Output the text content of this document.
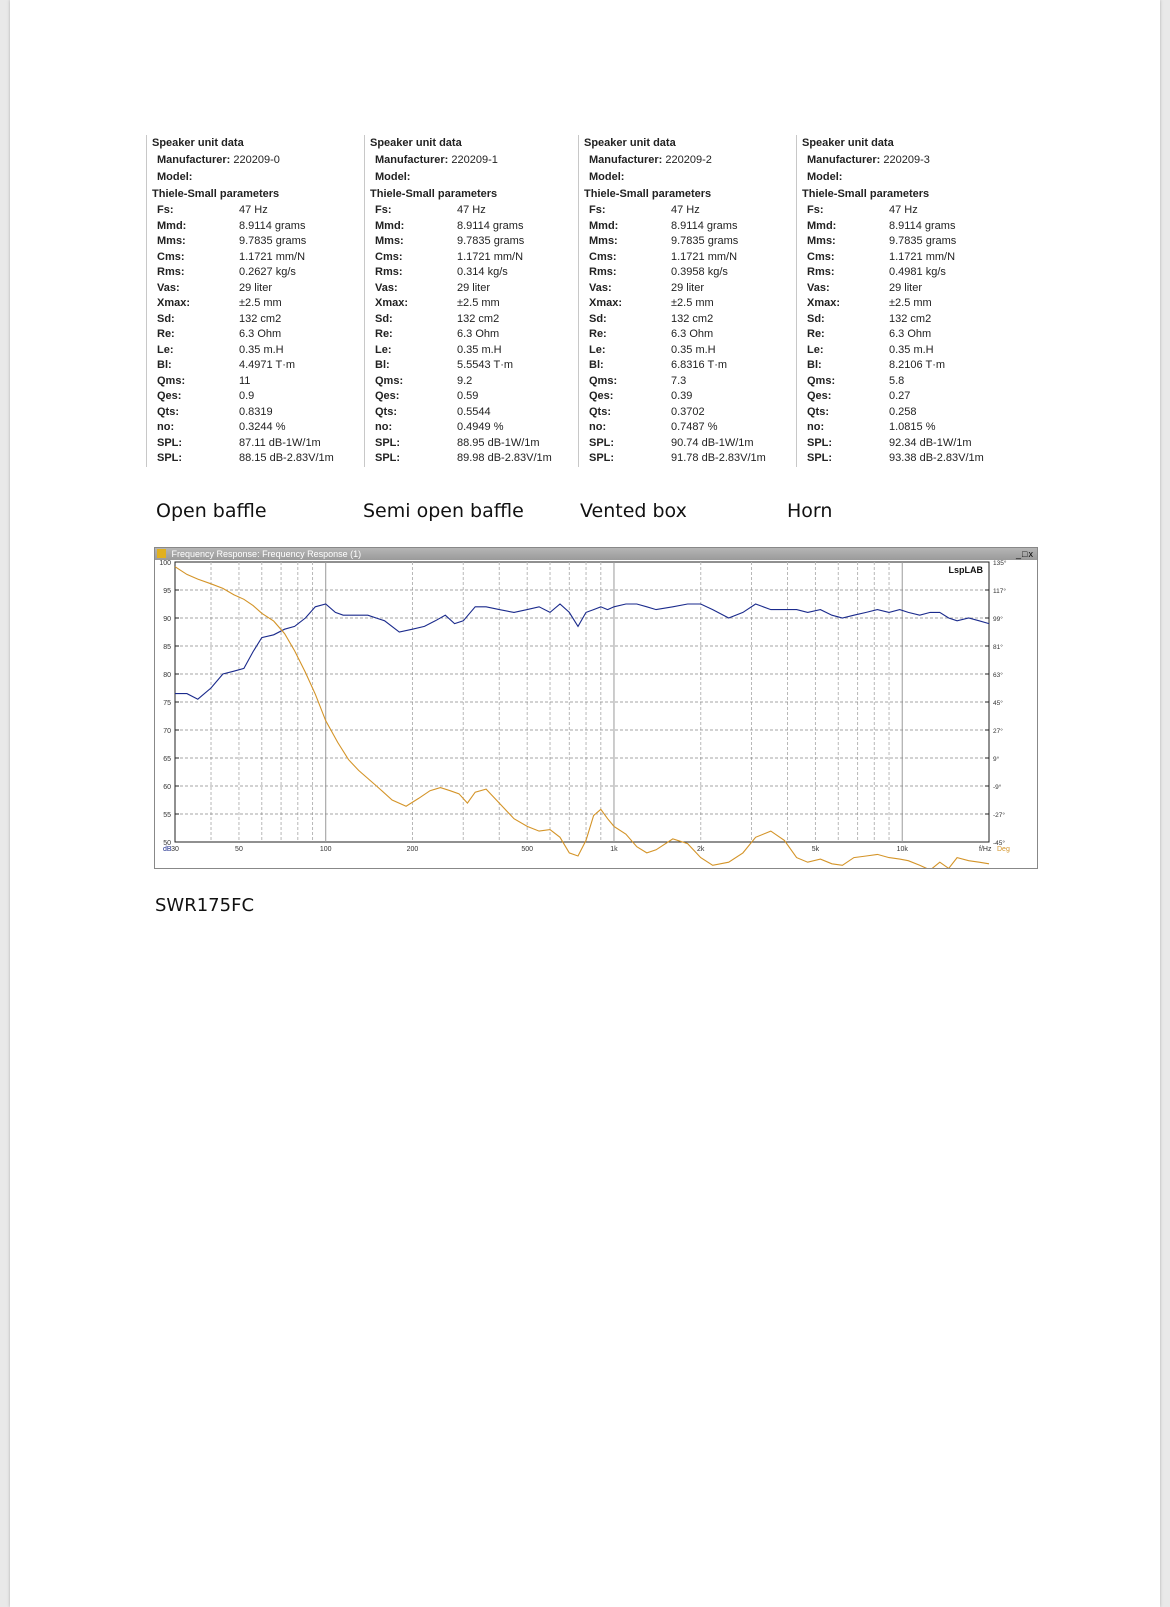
Speaker unit data
Manufacturer: 220209-0
Model:
Thiele-Small parameters
Fs:	47 Hz
Mmd:	8.9114 grams
Mms:	9.7835 grams
Cms:	1.1721 mm/N
Rms:	0.2627 kg/s
Vas:	29 liter
Xmax:	±2.5 mm
Sd:	132 cm2
Re:	6.3 Ohm
Le:	0.35 m.H
Bl:	4.4971 T·m
Qms:	11
Qes:	0.9
Qts:	0.8319
no:	0.3244 %
SPL:	87.11 dB-1W/1m
SPL:	88.15 dB-2.83V/1m
Speaker unit data
Manufacturer: 220209-1
Model:
Thiele-Small parameters
Fs:	47 Hz
Mmd:	8.9114 grams
Mms:	9.7835 grams
Cms:	1.1721 mm/N
Rms:	0.314 kg/s
Vas:	29 liter
Xmax:	±2.5 mm
Sd:	132 cm2
Re:	6.3 Ohm
Le:	0.35 m.H
Bl:	5.5543 T·m
Qms:	9.2
Qes:	0.59
Qts:	0.5544
no:	0.4949 %
SPL:	88.95 dB-1W/1m
SPL:	89.98 dB-2.83V/1m
Speaker unit data
Manufacturer: 220209-2
Model:
Thiele-Small parameters
Fs:	47 Hz
Mmd:	8.9114 grams
Mms:	9.7835 grams
Cms:	1.1721 mm/N
Rms:	0.3958 kg/s
Vas:	29 liter
Xmax:	±2.5 mm
Sd:	132 cm2
Re:	6.3 Ohm
Le:	0.35 m.H
Bl:	6.8316 T·m
Qms:	7.3
Qes:	0.39
Qts:	0.3702
no:	0.7487 %
SPL:	90.74 dB-1W/1m
SPL:	91.78 dB-2.83V/1m
Speaker unit data
Manufacturer: 220209-3
Model:
Thiele-Small parameters
Fs:	47 Hz
Mmd:	8.9114 grams
Mms:	9.7835 grams
Cms:	1.1721 mm/N
Rms:	0.4981 kg/s
Vas:	29 liter
Xmax:	±2.5 mm
Sd:	132 cm2
Re:	6.3 Ohm
Le:	0.35 m.H
Bl:	8.2106 T·m
Qms:	5.8
Qes:	0.27
Qts:	0.258
no:	1.0815 %
SPL:	92.34 dB-1W/1m
SPL:	93.38 dB-2.83V/1m
Open baffle	Semi open baffle	Vented box	Horn
Frequency Response: Frequency Response (1)	_□x
50
55
60
65
70
75
80
85
90
95
100
-45°
-27°
-9°
9°
27°
45°
63°
81°
99°
117°
135°
30	50	100	200	500	1k	2k	5k	10k
dB	f/Hz Deg
LspLAB
SWR175FC
